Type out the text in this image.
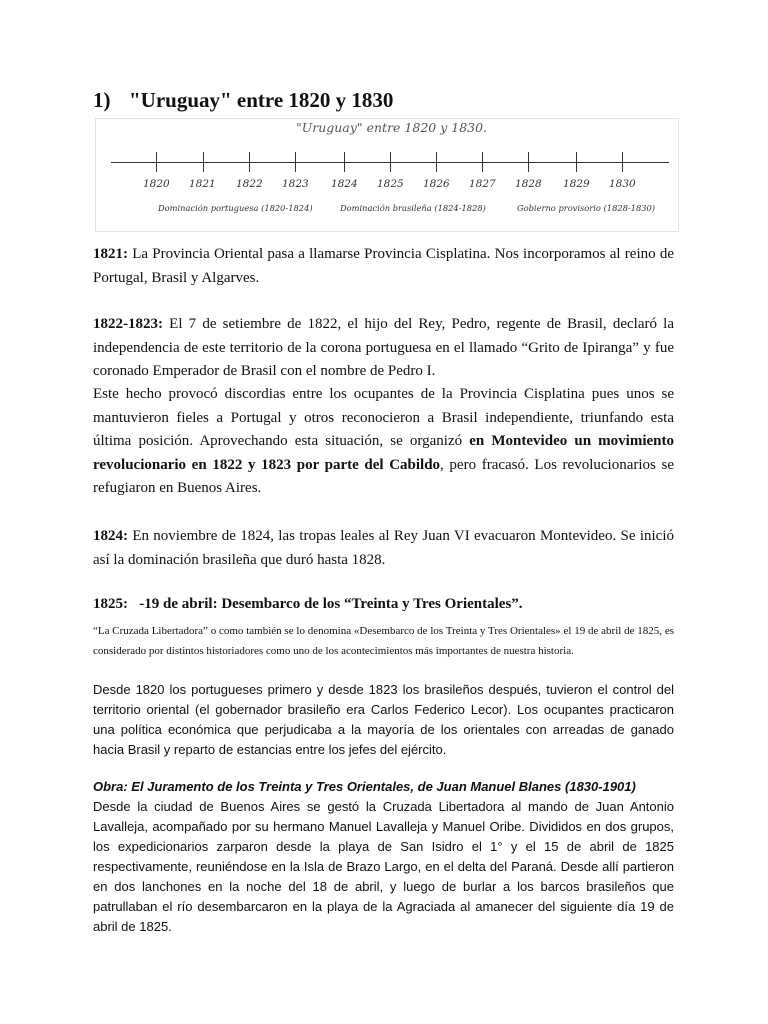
1) "Uruguay" entre 1820 y 1830
"Uruguay" entre 1820 y 1830.
1820 1821 1822 1823 1824 1825 1826 1827 1828 1829 1830
Dominación portuguesa (1820-1824)	Dominación brasileña (1824-1828)	Gobierno provisorio (1828-1830)

1821: La Provincia Oriental pasa a llamarse Provincia Cisplatina. Nos incorporamos al reino de Portugal, Brasil y Algarves.

1822-1823: El 7 de setiembre de 1822, el hijo del Rey, Pedro, regente de Brasil, declaró la independencia de este territorio de la corona portuguesa en el llamado “Grito de Ipiranga” y fue coronado Emperador de Brasil con el nombre de Pedro I.

Este hecho provocó discordias entre los ocupantes de la Provincia Cisplatina pues unos se mantuvieron fieles a Portugal y otros reconocieron a Brasil independiente, triunfando esta última posición. Aprovechando esta situación, se organizó en Montevideo un movimiento revolucionario en 1822 y 1823 por parte del Cabildo, pero fracasó. Los revolucionarios se refugiaron en Buenos Aires.

1824: En noviembre de 1824, las tropas leales al Rey Juan VI evacuaron Montevideo. Se inició así la dominación brasileña que duró hasta 1828.

1825:   -19 de abril: Desembarco de los “Treinta y Tres Orientales”.

“La Cruzada Libertadora” o como también se lo denomina «Desembarco de los Treinta y Tres Orientales» el 19 de abril de 1825, es considerado por distintos historiadores como uno de los acontecimientos más importantes de nuestra historia.

Desde 1820 los portugueses primero y desde 1823 los brasileños después, tuvieron el control del territorio oriental (el gobernador brasileño era Carlos Federico Lecor). Los ocupantes practicaron una política económica que perjudicaba a la mayoría de los orientales con arreadas de ganado hacia Brasil y reparto de estancias entre los jefes del ejército.

Obra: El Juramento de los Treinta y Tres Orientales, de Juan Manuel Blanes (1830-1901)

Desde la ciudad de Buenos Aires se gestó la Cruzada Libertadora al mando de Juan Antonio Lavalleja, acompañado por su hermano Manuel Lavalleja y Manuel Oribe. Divididos en dos grupos, los expedicionarios zarparon desde la playa de San Isidro el 1° y el 15 de abril de 1825 respectivamente, reuniéndose en la Isla de Brazo Largo, en el delta del Paraná. Desde allí partieron en dos lanchones en la noche del 18 de abril, y luego de burlar a los barcos brasileños que patrullaban el río desembarcaron en la playa de la Agraciada al amanecer del siguiente día 19 de abril de 1825.
